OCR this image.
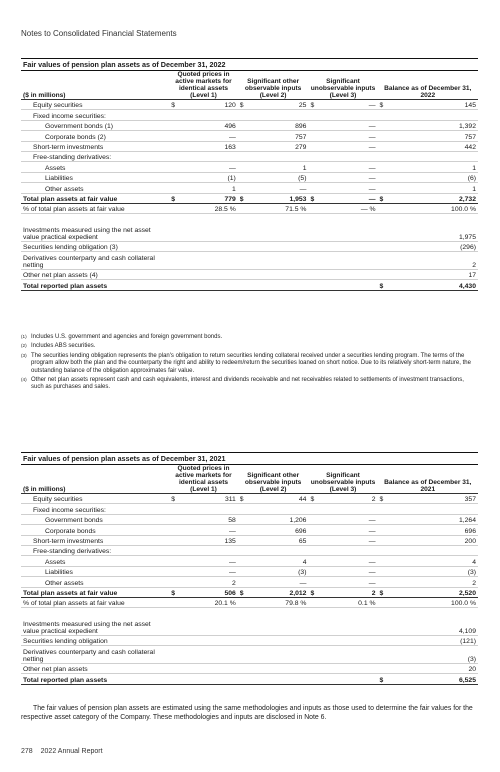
Notes to Consolidated Financial Statements
Fair values of pension plan assets as of December 31, 2022
($ in millions)	Quoted prices in active markets for identical assets (Level 1)		Significant other observable inputs (Level 2)		Significant unobservable inputs (Level 3)		Balance as of December 31, 2022	
Equity securities	$	120	$	25	$	—	$	145
Fixed income securities:								
Government bonds (1)		496		896		—		1,392
Corporate bonds (2)		—		757		—		757
Short-term investments		163		279		—		442
Free-standing derivatives:								
Assets		—		1		—		1
Liabilities		(1)		(5)		—		(6)
Other assets		1		—		—		1
Total plan assets at fair value	$	779	$	1,953	$	—	$	2,732
% of total plan assets at fair value		28.5 %		71.5 %		— %		100.0 %

Investments measured using the net asset value practical expedient								1,975
Securities lending obligation (3)								(296)
Derivatives counterparty and cash collateral netting								2
Other net plan assets (4)								17
Total reported plan assets							$	4,430
(1) Includes U.S. government and agencies and foreign government bonds.
(2) Includes ABS securities.
(3) The securities lending obligation represents the plan's obligation to return securities lending collateral received under a securities lending program. The terms of the program allow both the plan and the counterparty the right and ability to redeem/return the securities loaned on short notice. Due to its relatively short-term nature, the outstanding balance of the obligation approximates fair value.
(4) Other net plan assets represent cash and cash equivalents, interest and dividends receivable and net receivables related to settlements of investment transactions, such as purchases and sales.
Fair values of pension plan assets as of December 31, 2021
($ in millions)	Quoted prices in active markets for identical assets (Level 1)		Significant other observable inputs (Level 2)		Significant unobservable inputs (Level 3)		Balance as of December 31, 2021	
Equity securities	$	311	$	44	$	2	$	357
Fixed income securities:								
Government bonds		58		1,206		—		1,264
Corporate bonds		—		696		—		696
Short-term investments		135		65		—		200
Free-standing derivatives:								
Assets		—		4		—		4
Liabilities		—		(3)		—		(3)
Other assets		2		—		—		2
Total plan assets at fair value	$	506	$	2,012	$	2	$	2,520
% of total plan assets at fair value		20.1 %		79.8 %		0.1 %		100.0 %

Investments measured using the net asset value practical expedient								4,109
Securities lending obligation								(121)
Derivatives counterparty and cash collateral netting								(3)
Other net plan assets								20
Total reported plan assets							$	6,525
The fair values of pension plan assets are estimated using the same methodologies and inputs as those used to determine the fair values for the respective asset category of the Company. These methodologies and inputs are disclosed in Note 6.
278 2022 Annual Report
